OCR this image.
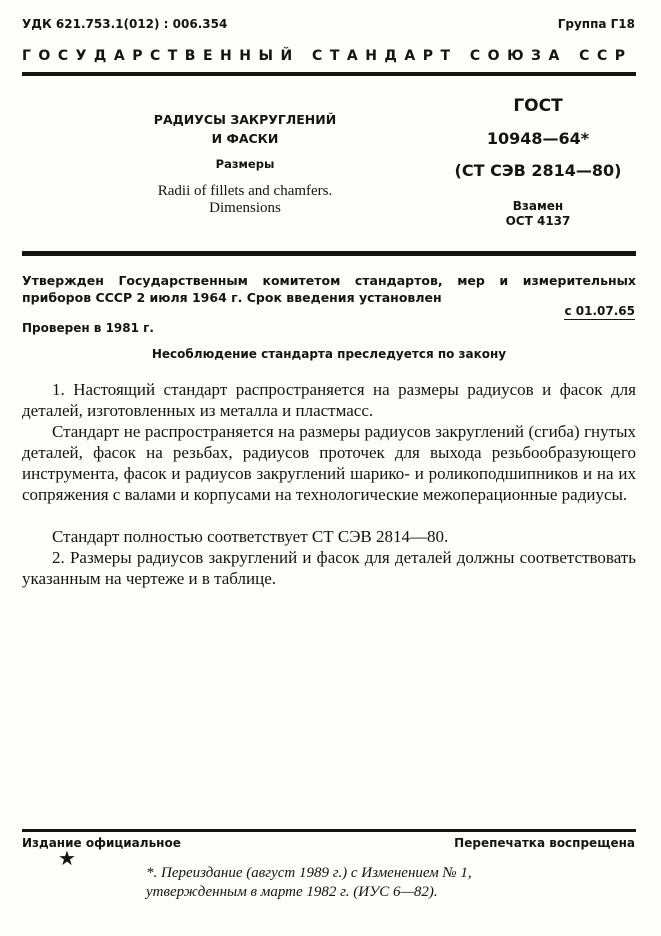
УДК 621.753.1(012) : 006.354	Группа Г18
ГОСУДАРСТВЕННЫЙ СТАНДАРТ СОЮЗА ССР
РАДИУСЫ ЗАКРУГЛЕНИЙ
И ФАСКИ
Размеры
Radii of fillets and chamfers.
Dimensions
ГОСТ
10948—64*
(СТ СЭВ 2814—80)
Взамен
ОСТ 4137
Утвержден Государственным комитетом стандартов, мер и измерительных приборов СССР 2 июля 1964 г. Срок введения установлен
с 01.07.65
Проверен в 1981 г.
Несоблюдение стандарта преследуется по закону
1. Настоящий стандарт распространяется на размеры радиусов и фасок для деталей, изготовленных из металла и пластмасс.
Стандарт не распространяется на размеры радиусов закруглений (сгиба) гнутых деталей, фасок на резьбах, радиусов проточек для выхода резьбообразующего инструмента, фасок и радиусов закруглений шарико- и роликоподшипников и на их сопряжения с валами и корпусами на технологические межоперационные радиусы.
Стандарт полностью соответствует СТ СЭВ 2814—80.
2. Размеры радиусов закруглений и фасок для деталей должны соответствовать указанным на чертеже и в таблице.
Издание официальное	Перепечатка воспрещена
★
*. Переиздание (август 1989 г.) с Изменением № 1, утвержденным в марте 1982 г. (ИУС 6—82).
